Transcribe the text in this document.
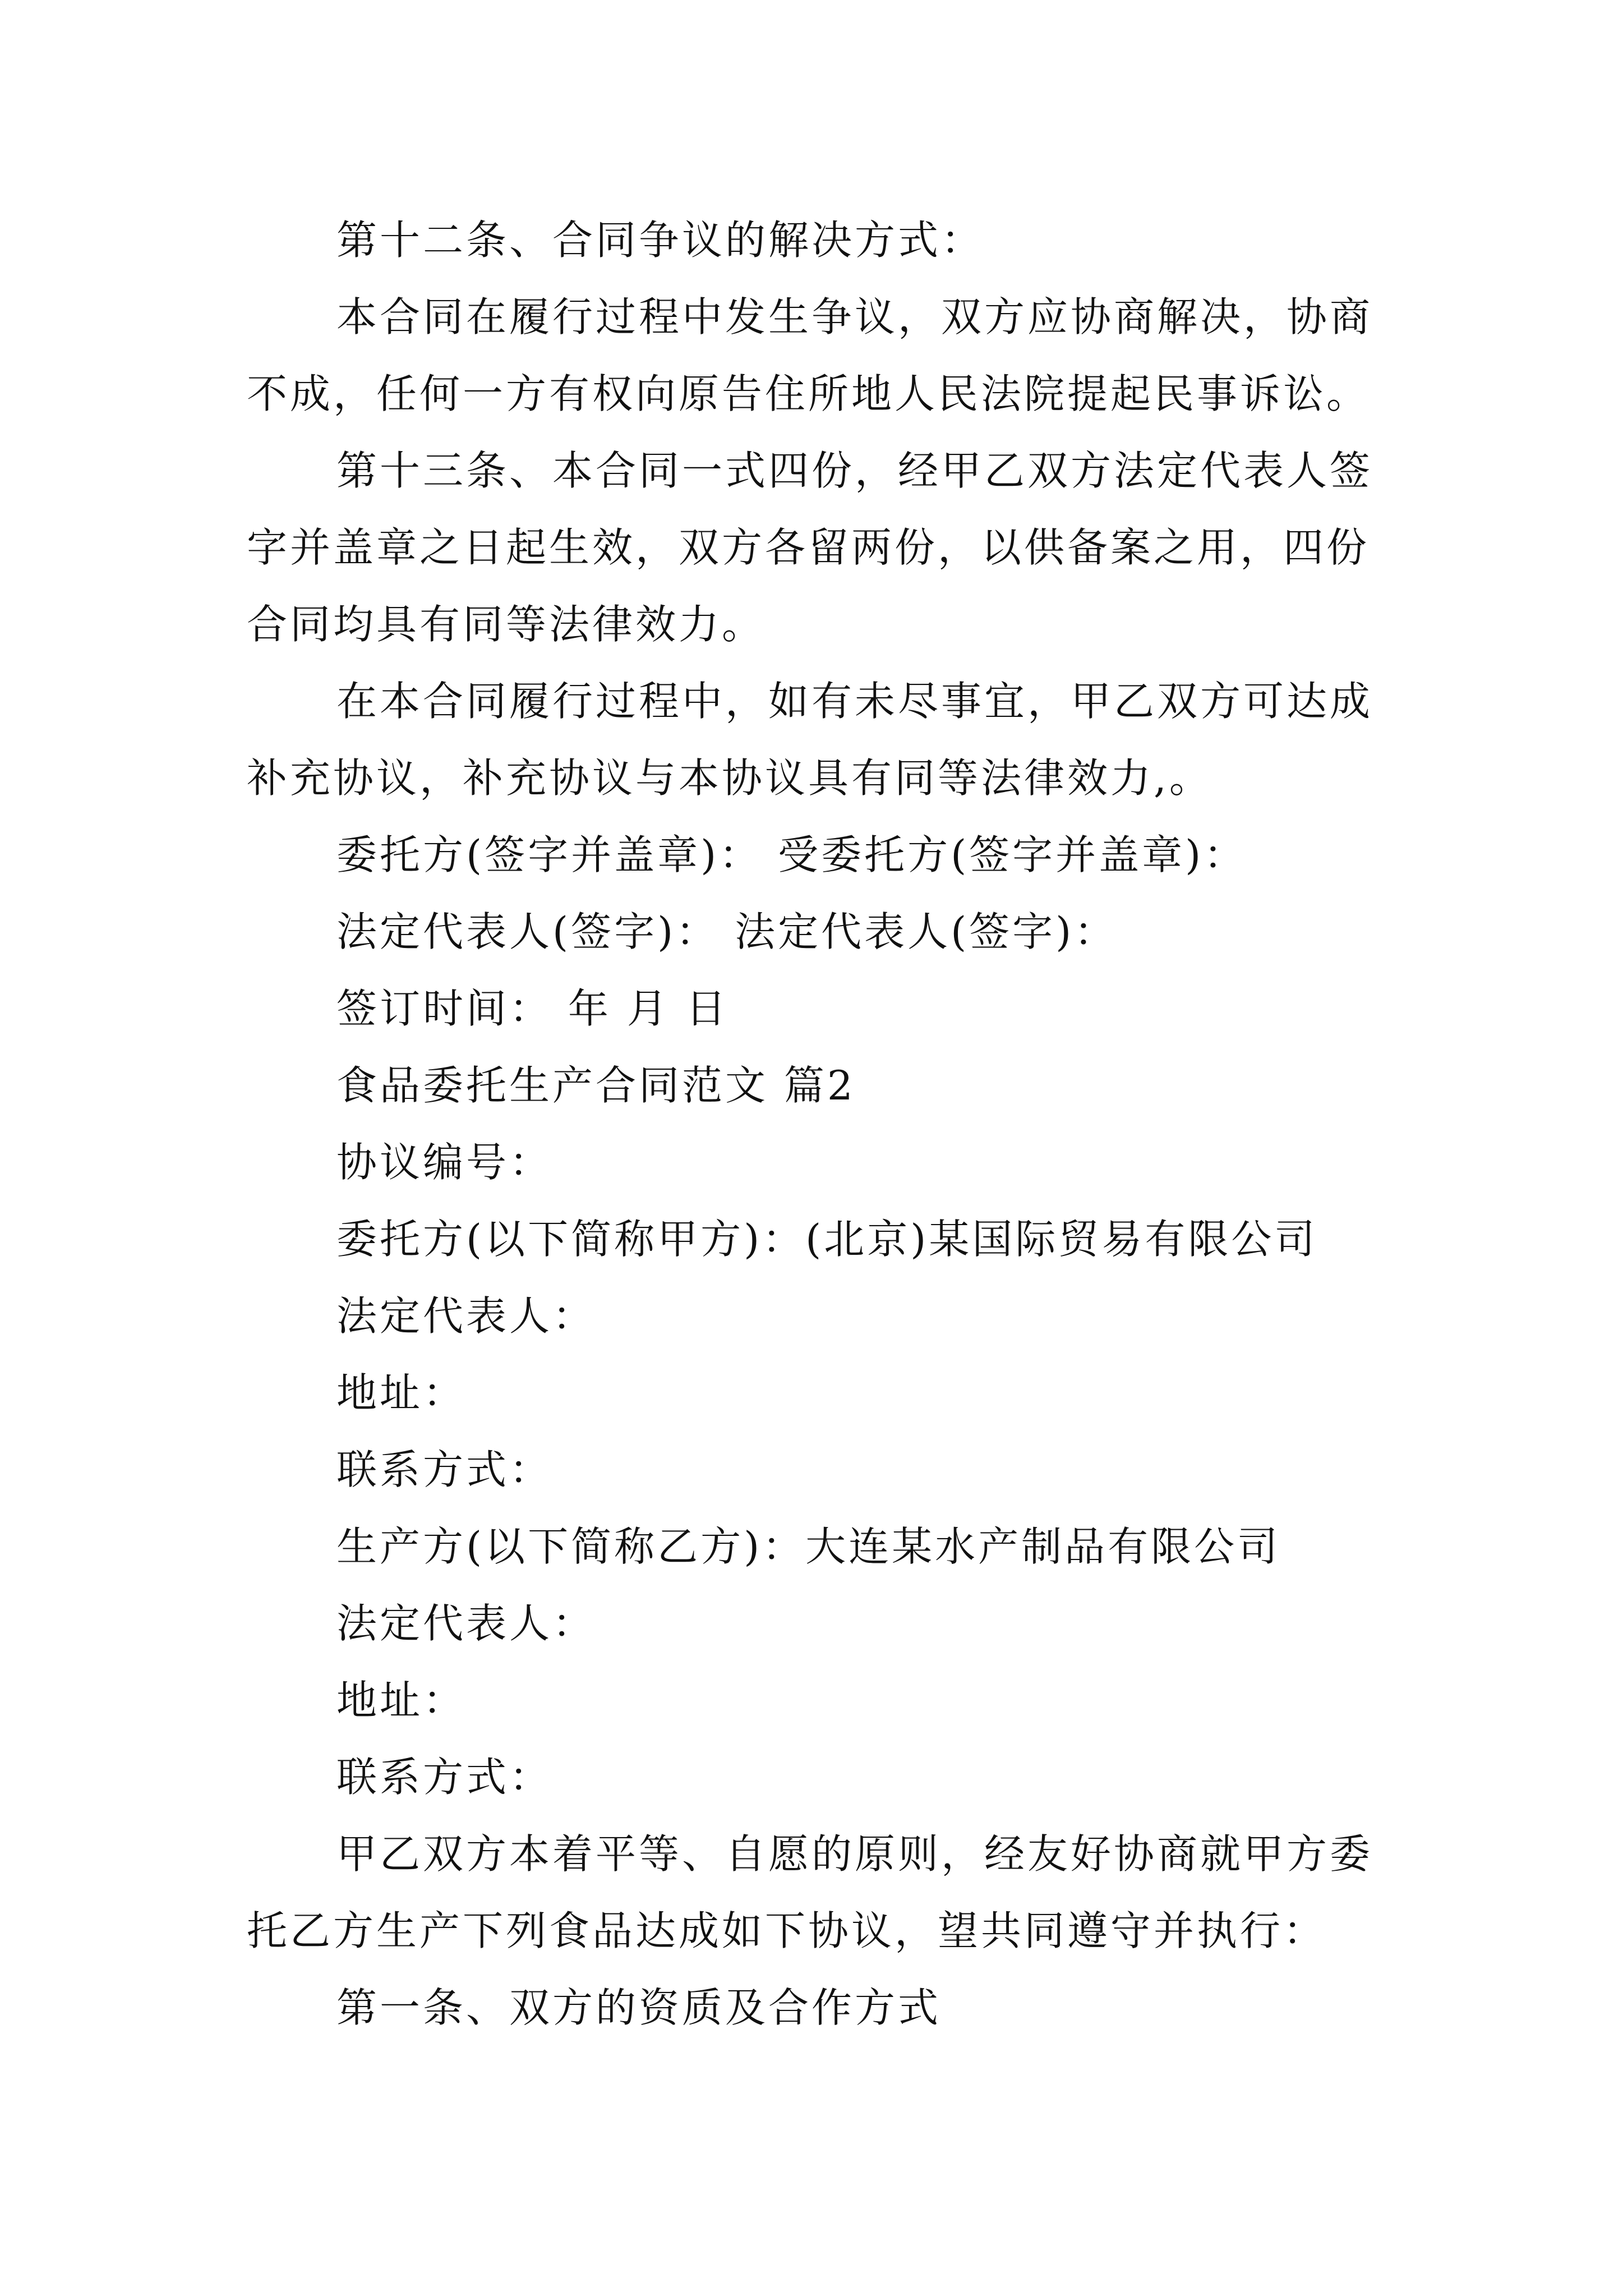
第十二条、合同争议的解决方式：
本合同在履行过程中发生争议，双方应协商解决，协商
不成，任何一方有权向原告住所地人民法院提起民事诉讼。
第十三条、本合同一式四份，经甲乙双方法定代表人签
字并盖章之日起生效，双方各留两份，以供备案之用，四份
合同均具有同等法律效力。
在本合同履行过程中，如有未尽事宜，甲乙双方可达成
补充协议，补充协议与本协议具有同等法律效力,。
委托方(签字并盖章)： 受委托方(签字并盖章)：
法定代表人(签字)： 法定代表人(签字)：
签订时间： 年 月 日
食品委托生产合同范文 篇2
协议编号：
委托方(以下简称甲方)：(北京)某国际贸易有限公司
法定代表人：
地址：
联系方式：
生产方(以下简称乙方)：大连某水产制品有限公司
法定代表人：
地址：
联系方式：
甲乙双方本着平等、自愿的原则，经友好协商就甲方委
托乙方生产下列食品达成如下协议，望共同遵守并执行：
第一条、双方的资质及合作方式
